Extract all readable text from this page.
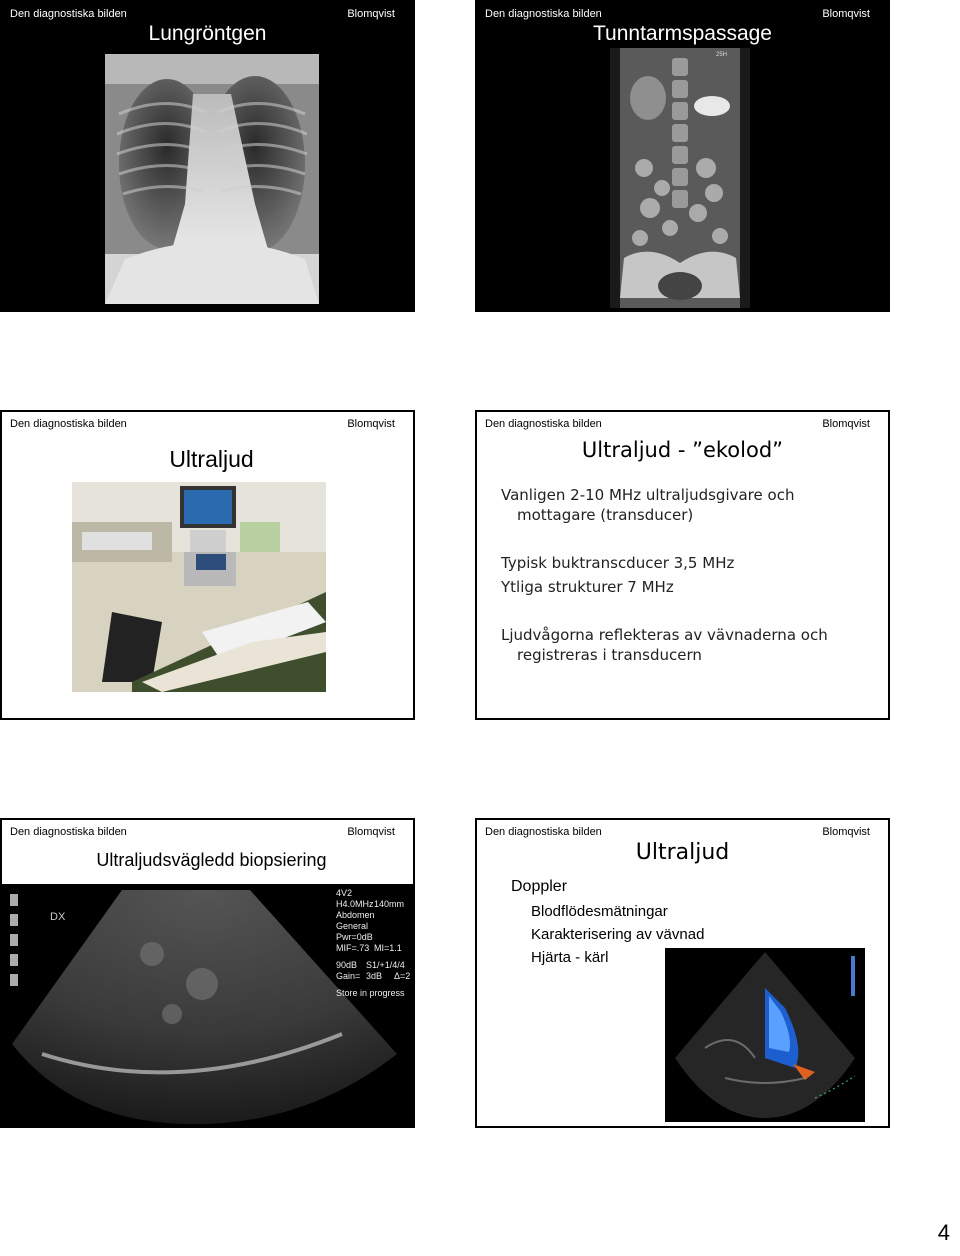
Den diagnostiska bilden	Blomqvist
Lungröntgen
Den diagnostiska bilden	Blomqvist
Tunntarmspassage
25H
Den diagnostiska bilden	Blomqvist
Ultraljud
Den diagnostiska bilden	Blomqvist
Ultraljud - ”ekolod”
Vanligen 2-10 MHz ultraljudsgivare och
mottagare (transducer)
Typisk buktranscducer 3,5 MHz
Ytliga strukturer 7 MHz
Ljudvågorna reflekteras av vävnaderna och
registreras i transducern
Den diagnostiska bilden	Blomqvist
Ultraljudsvägledd biopsiering
DX
4V2
H4.0MHz
Abdomen
General
Pwr=0dB
MIF=.73
90dB
Gain=
Store in progress
140mm
MI=1.1
S1/+1/4/4
3dB Δ=2
Den diagnostiska bilden	Blomqvist
Ultraljud
Doppler
Blodflödesmätningar
Karakterisering av vävnad
Hjärta - kärl
4
